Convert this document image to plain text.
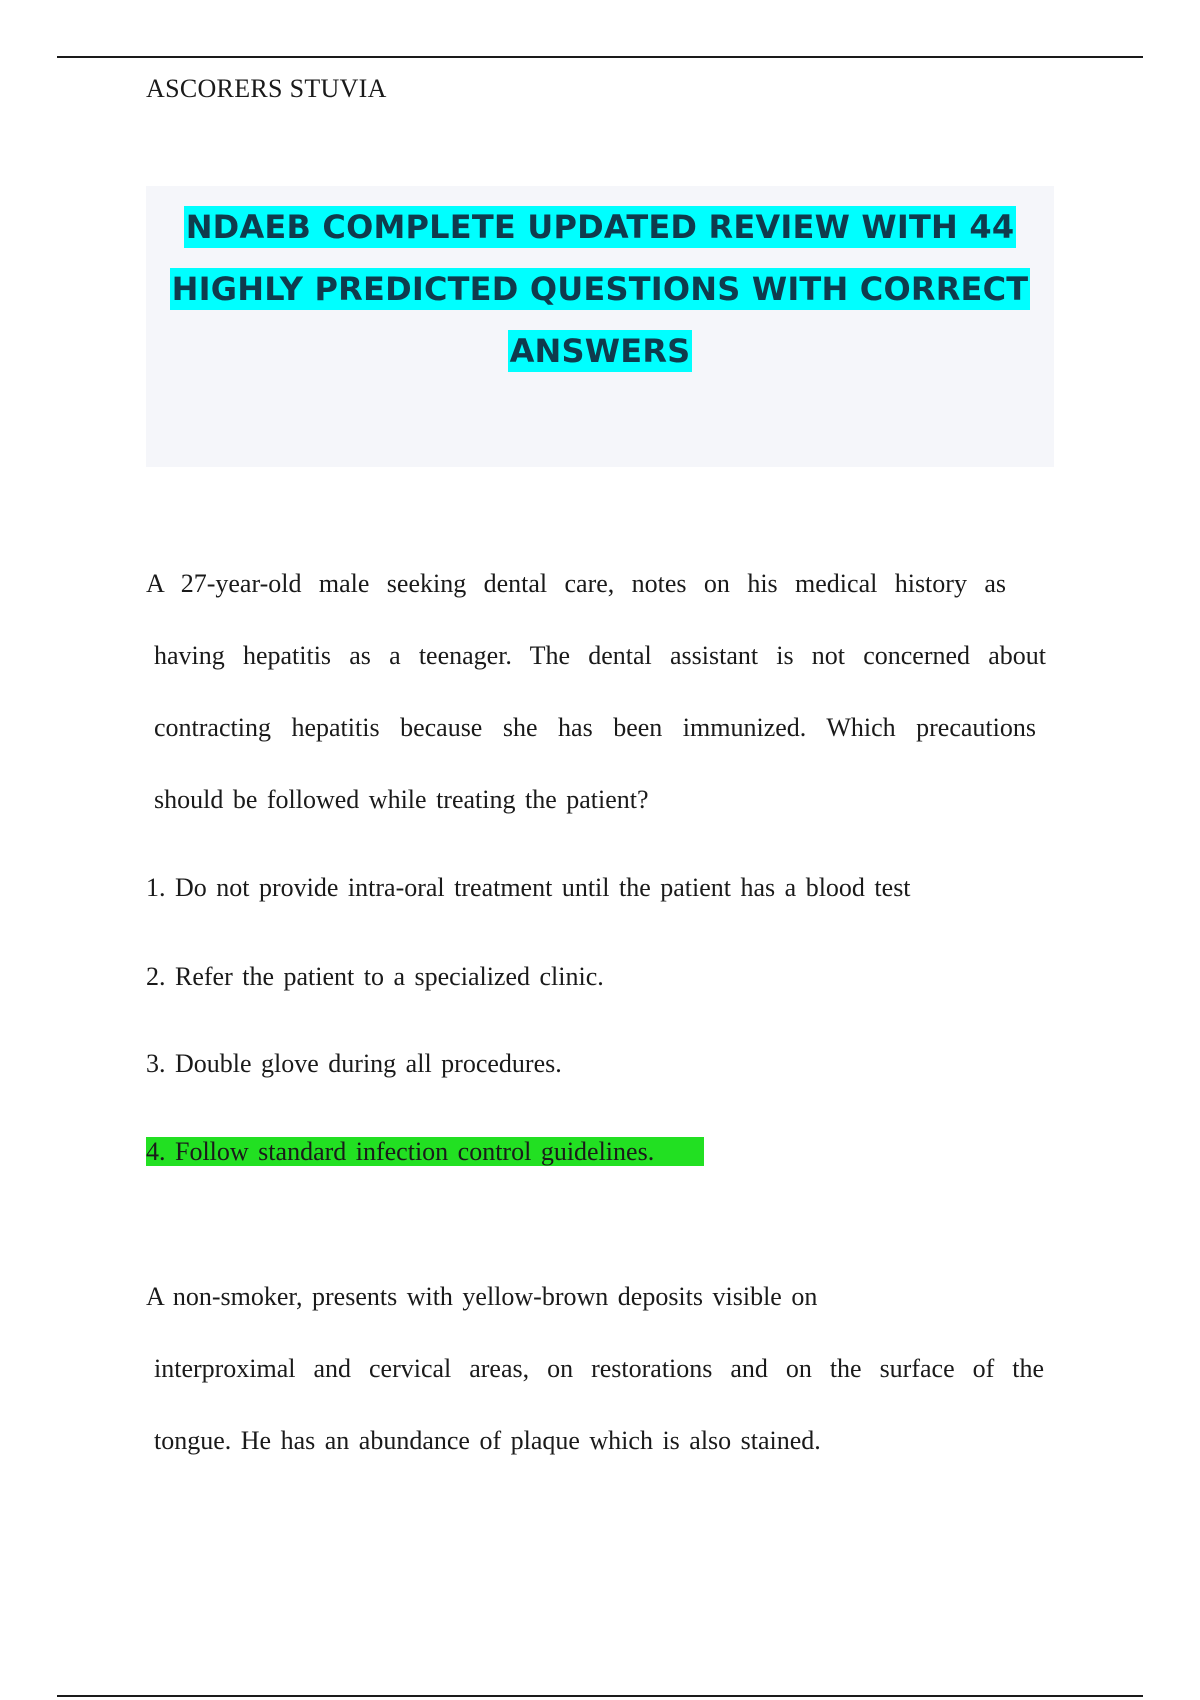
ASCORERS STUVIA
NDAEB COMPLETE UPDATED REVIEW WITH 44
HIGHLY PREDICTED QUESTIONS WITH CORRECT
ANSWERS
A 27-year-old male seeking dental care, notes on his medical history as
having hepatitis as a teenager. The dental assistant is not concerned about
contracting hepatitis because she has been immunized. Which precautions
should be followed while treating the patient?
1. Do not provide intra-oral treatment until the patient has a blood test
2. Refer the patient to a specialized clinic.
3. Double glove during all procedures.
4. Follow standard infection control guidelines.
A non-smoker, presents with yellow-brown deposits visible on
interproximal and cervical areas, on restorations and on the surface of the
tongue. He has an abundance of plaque which is also stained.
